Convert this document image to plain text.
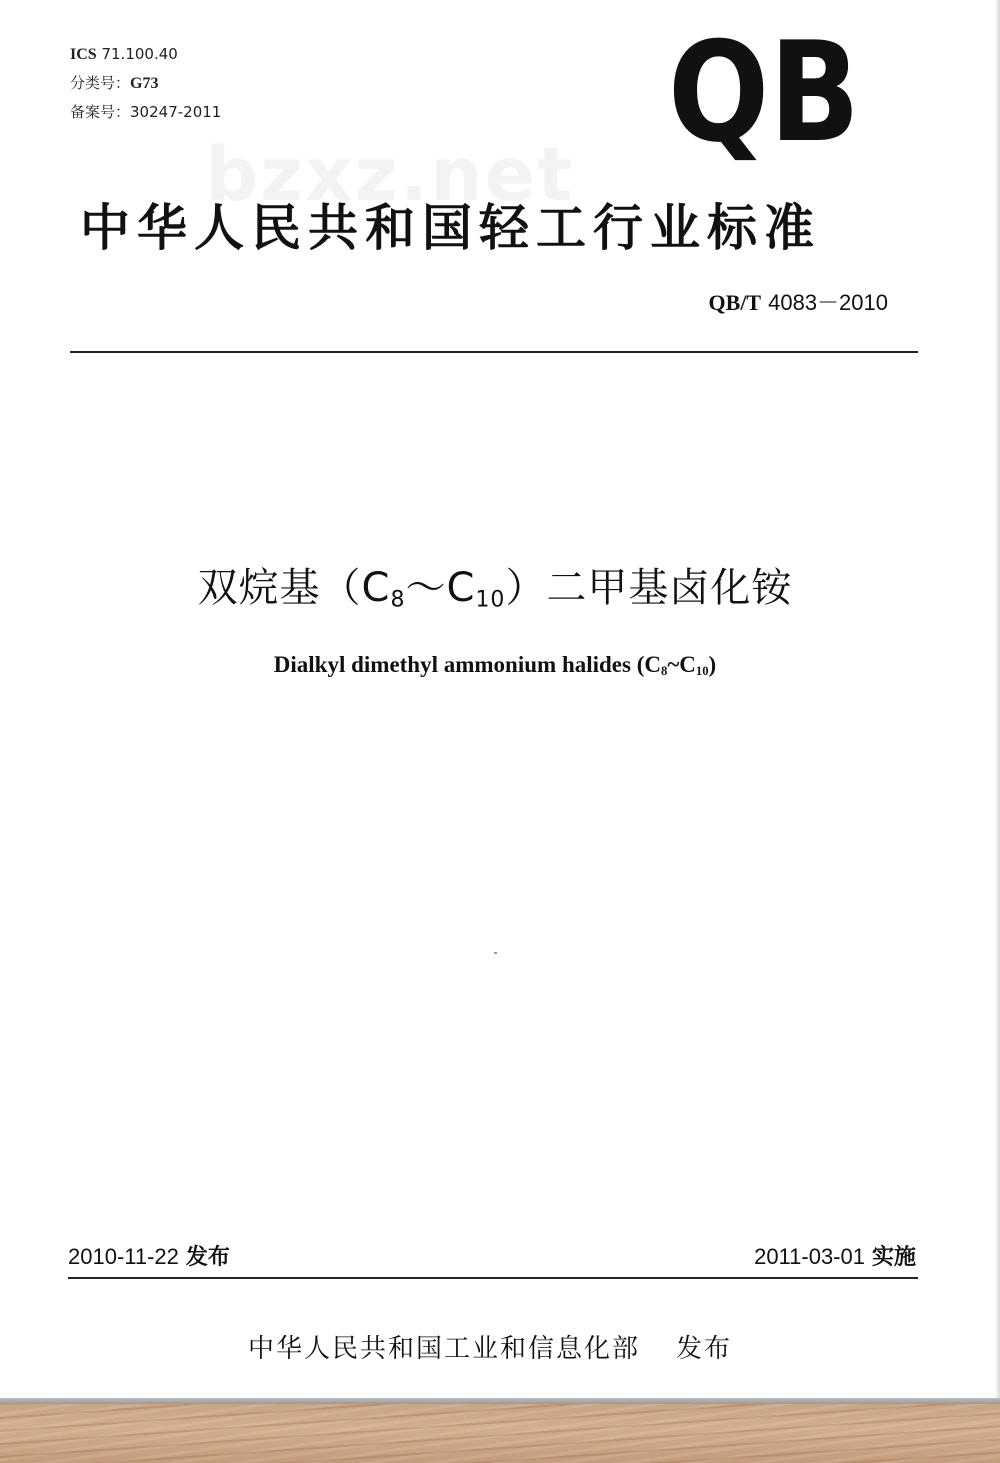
ICS 71.100.40
分类号：G73
备案号：30247-2011	QB
bzxz.net
中华人民共和国轻工行业标准
QB/T 4083－2010
双烷基$(C_8\sim C_{10})$二甲基卤化铵
Dialkyl dimethyl ammonium halides $(C_8\sim C_{10})$
2010-11-22 发布	2011-03-01 实施
中华人民共和国工业和信息化部 发布
